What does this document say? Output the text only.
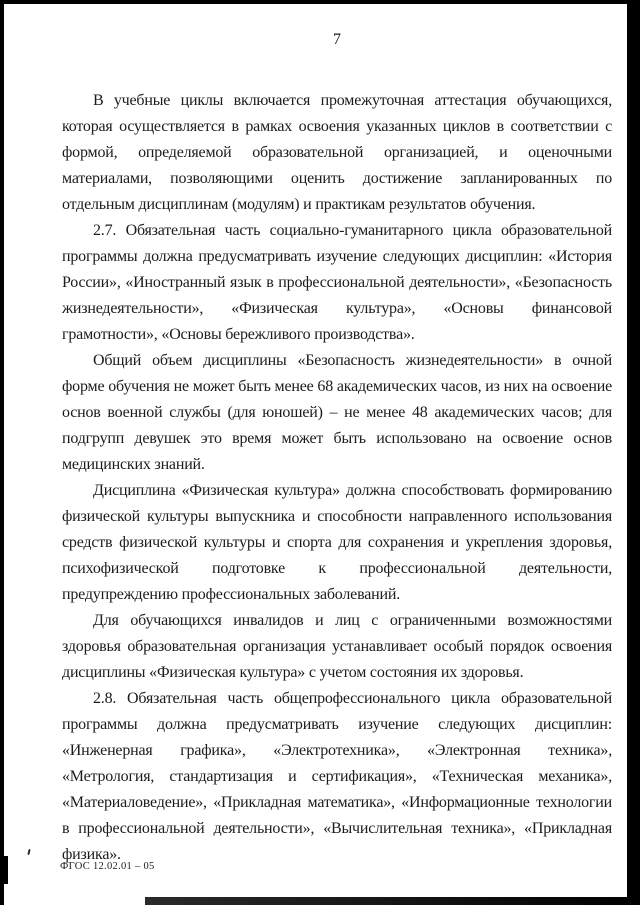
7

В учебные циклы включается промежуточная аттестация обучающихся, которая осуществляется в рамках освоения указанных циклов в соответствии с формой, определяемой образовательной организацией, и оценочными материалами, позволяющими оценить достижение запланированных по отдельным дисциплинам (модулям) и практикам результатов обучения.

2.7. Обязательная часть социально-гуманитарного цикла образовательной программы должна предусматривать изучение следующих дисциплин: «История России», «Иностранный язык в профессиональной деятельности», «Безопасность жизнедеятельности», «Физическая культура», «Основы финансовой грамотности», «Основы бережливого производства».

Общий объем дисциплины «Безопасность жизнедеятельности» в очной форме обучения не может быть менее 68 академических часов, из них на освоение основ военной службы (для юношей) – не менее 48 академических часов; для подгрупп девушек это время может быть использовано на освоение основ медицинских знаний.

Дисциплина «Физическая культура» должна способствовать формированию физической культуры выпускника и способности направленного использования средств физической культуры и спорта для сохранения и укрепления здоровья, психофизической подготовке к профессиональной деятельности, предупреждению профессиональных заболеваний.

Для обучающихся инвалидов и лиц с ограниченными возможностями здоровья образовательная организация устанавливает особый порядок освоения дисциплины «Физическая культура» с учетом состояния их здоровья.

2.8. Обязательная часть общепрофессионального цикла образовательной программы должна предусматривать изучение следующих дисциплин: «Инженерная графика», «Электротехника», «Электронная техника», «Метрология, стандартизация и сертификация», «Техническая механика», «Материаловедение», «Прикладная математика», «Информационные технологии в профессиональной деятельности», «Вычислительная техника», «Прикладная физика».

ФГОС 12.02.01 – 05
